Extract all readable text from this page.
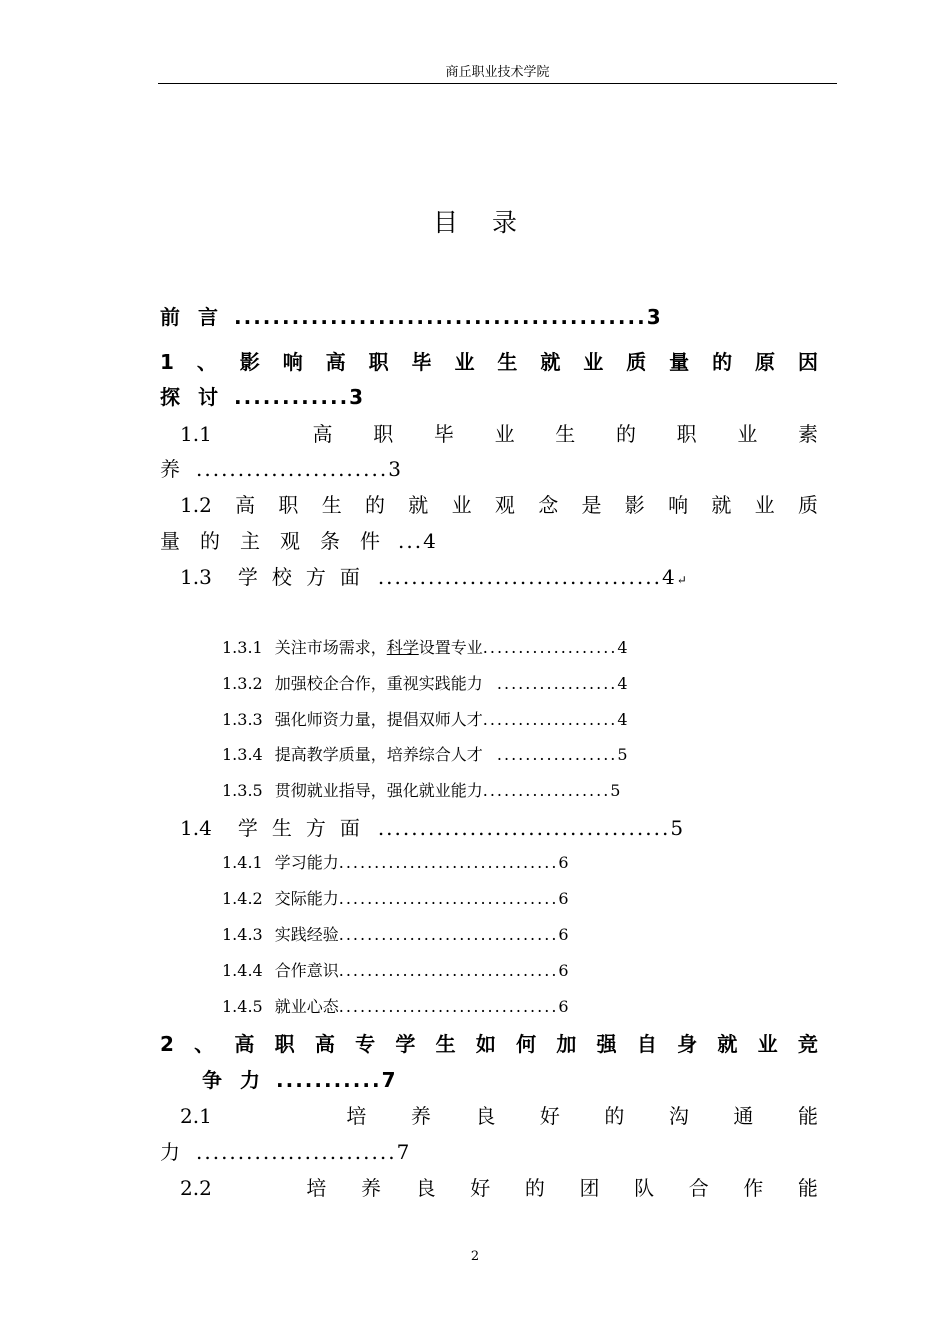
商丘职业技术学院
目 录
前 言 ...........................................3
1 、 影 响 高 职 毕 业 生 就 业 质 量 的 原 因
探 讨 ............3
1.1	高 职 毕 业 生 的 职 业 素
养 .......................3
1.2 高 职 生 的 就 业 观 念 是 影 响 就 业 质
量 的 主 观 条 件 ...4
1.3 学 校 方 面 ..................................4↵
1.3.1 关注市场需求，科学设置专业...................4
1.3.2 加强校企合作，重视实践能力  .................4
1.3.3 强化师资力量，提倡双师人才...................4
1.3.4 提高教学质量，培养综合人才  .................5
1.3.5 贯彻就业指导，强化就业能力..................5
1.4 学 生 方 面 ...................................5
1.4.1 学习能力...............................6
1.4.2 交际能力...............................6
1.4.3 实践经验...............................6
1.4.4 合作意识...............................6
1.4.5 就业心态...............................6
2 、 高 职 高 专 学 生 如 何 加 强 自 身 就 业 竞
争 力 ...........7
2.1	培 养 良 好 的 沟 通 能
力 ........................7
2.2	培 养 良 好 的 团 队 合 作 能
2
